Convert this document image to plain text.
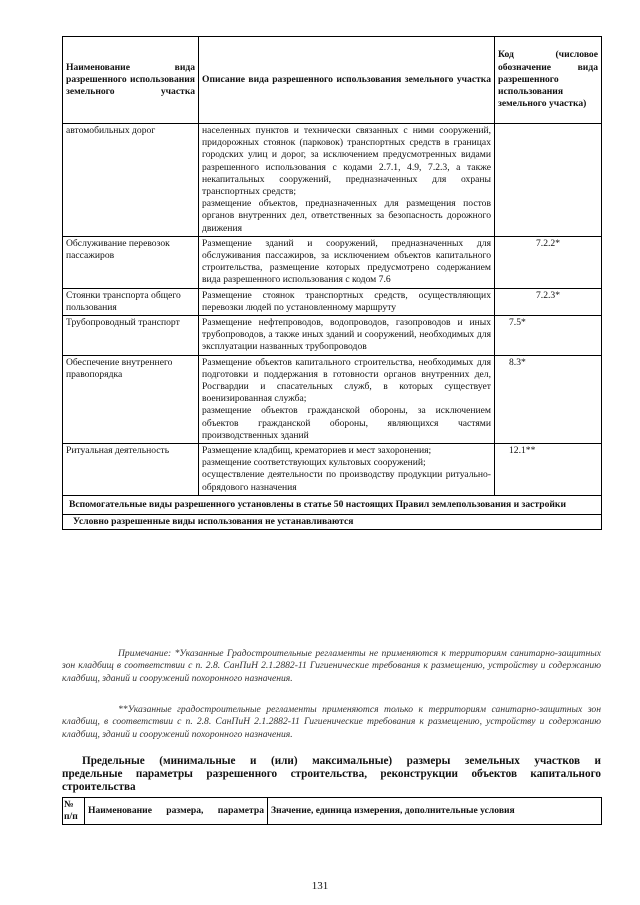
Наименование вида разрешенного использования земельного участка	Описание вида разрешенного использования земельного участка	Код (числовое обозначение вида разрешенного использования земельного участка)
автомобильных дорог	населенных пунктов и технически связанных с ними сооружений, придорожных стоянок (парковок) транспортных средств в границах городских улиц и дорог, за исключением предусмотренных видами разрешенного использования с кодами 2.7.1, 4.9, 7.2.3, а также некапитальных сооружений, предназначенных для охраны транспортных средств;

размещение объектов, предназначенных для размещения постов органов внутренних дел, ответственных за безопасность дорожного движения	

Обслуживание перевозок пассажиров	Размещение зданий и сооружений, предназначенных для обслуживания пассажиров, за исключением объектов капитального строительства, размещение которых предусмотрено содержанием вида разрешенного использования с кодом 7.6	7.2.2*
Стоянки транспорта общего пользования	Размещение стоянок транспортных средств, осуществляющих перевозки людей по установленному маршруту	7.2.3*
Трубопроводный транспорт	Размещение нефтепроводов, водопроводов, газопроводов и иных трубопроводов, а также иных зданий и сооружений, необходимых для эксплуатации названных трубопроводов	7.5*
Обеспечение внутреннего правопорядка	Размещение объектов капитального строительства, необходимых для подготовки и поддержания в готовности органов внутренних дел, Росгвардии и спасательных служб, в которых существует военизированная служба;

размещение объектов гражданской обороны, за исключением объектов гражданской обороны, являющихся частями производственных зданий	8.3*
Ритуальная деятельность	Размещение кладбищ, крематориев и мест захоронения;

размещение соответствующих культовых сооружений;

осуществление деятельности по производству продукции ритуально-обрядового назначения	12.1**
Вспомогательные виды разрешенного установлены в статье 50 настоящих Правил землепользования и застройки		
Условно разрешенные виды использования не устанавливаются		

Примечание: *Указанные Градостроительные регламенты не применяются к территориям санитарно-защитных зон кладбищ в соответствии с п. 2.8. СанПиН 2.1.2882-11 Гигиенические требования к размещению, устройству и содержанию кладбищ, зданий и сооружений похоронного назначения.

**Указанные градостроительные регламенты применяются только к территориям санитарно-защитных зон кладбищ, в соответствии с п. 2.8. СанПиН 2.1.2882-11 Гигиенические требования к размещению, устройству и содержанию кладбищ, зданий и сооружений похоронного назначения.

Предельные (минимальные и (или) максимальные) размеры земельных участков и
предельные параметры разрешенного строительства, реконструкции объектов капитального строительства
№ п/п	Наименование размера, параметра	Значение, единица измерения, дополнительные условия
131
